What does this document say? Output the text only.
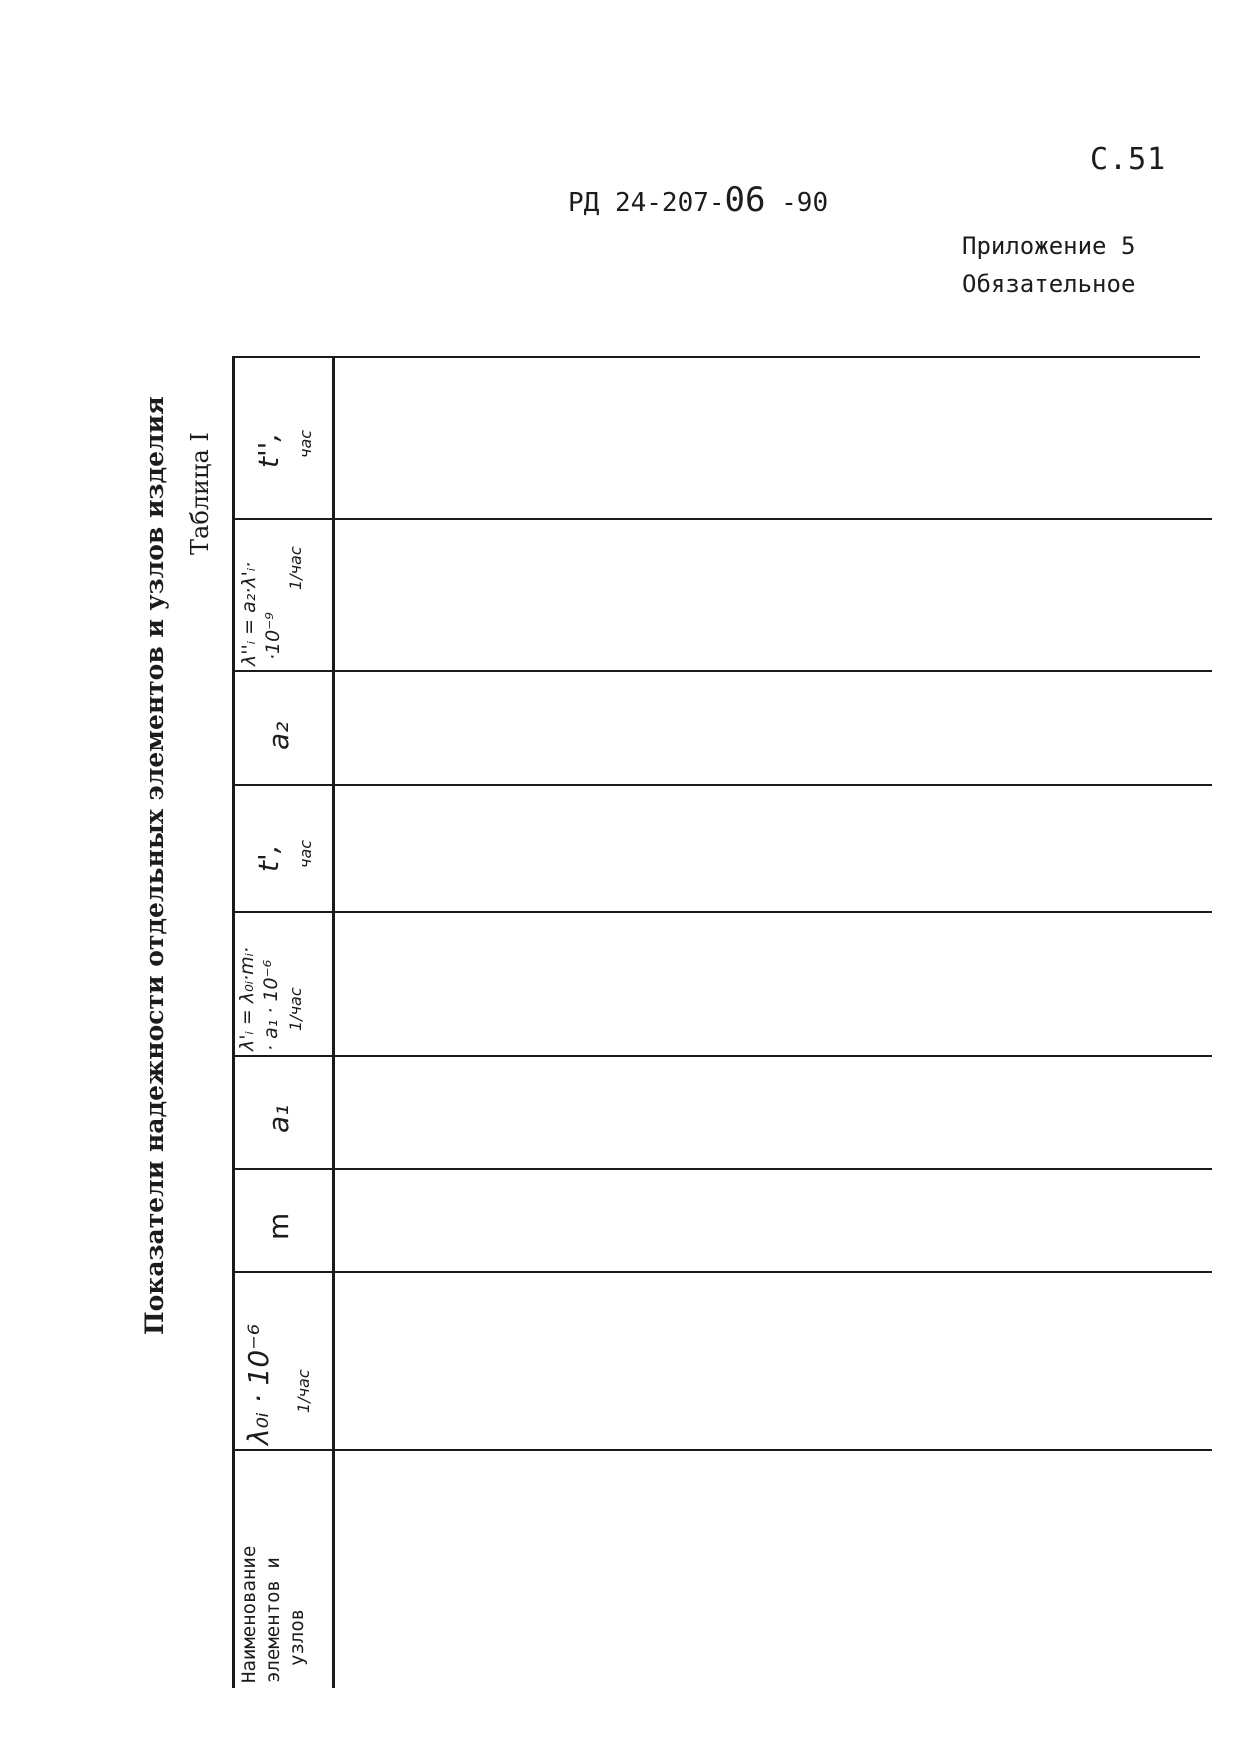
С.51
РД 24-207-06 -90
Приложение 5
Обязательное
Показатели надежности отдельных элементов и узлов изделия Таблица I
Наименование элементов и узлов
λ₀ᵢ · 10⁻⁶ 1/час
m
a₁
λ'ᵢ = λ₀ᵢ·mᵢ· · a₁ · 10⁻⁶ 1/час
t', час
a₂
λ''ᵢ = a₂·λ'ᵢ· ·10⁻⁹
1/час
t'', час
